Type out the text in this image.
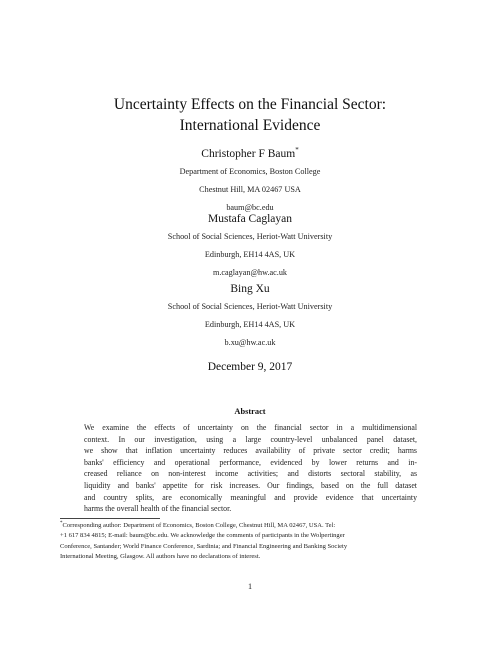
Uncertainty Effects on the Financial Sector:
International Evidence
Christopher F Baum*
Department of Economics, Boston College
Chestnut Hill, MA 02467 USA
baum@bc.edu
Mustafa Caglayan
School of Social Sciences, Heriot-Watt University
Edinburgh, EH14 4AS, UK
m.caglayan@hw.ac.uk
Bing Xu
School of Social Sciences, Heriot-Watt University
Edinburgh, EH14 4AS, UK
b.xu@hw.ac.uk
December 9, 2017
Abstract
We examine the effects of uncertainty on the financial sector in a multidimensional
context. In our investigation, using a large country-level unbalanced panel dataset,
we show that inflation uncertainty reduces availability of private sector credit; harms
banks' efficiency and operational performance, evidenced by lower returns and in-
creased reliance on non-interest income activities; and distorts sectoral stability, as
liquidity and banks' appetite for risk increases. Our findings, based on the full dataset
and country splits, are economically meaningful and provide evidence that uncertainty
harms the overall health of the financial sector.
*Corresponding author: Department of Economics, Boston College, Chestnut Hill, MA 02467, USA. Tel:
+1 617 834 4815; E-mail: baum@bc.edu. We acknowledge the comments of participants in the Wolpertinger
Conference, Santander; World Finance Conference, Sardinia; and Financial Engineering and Banking Society
International Meeting, Glasgow. All authors have no declarations of interest.
1
